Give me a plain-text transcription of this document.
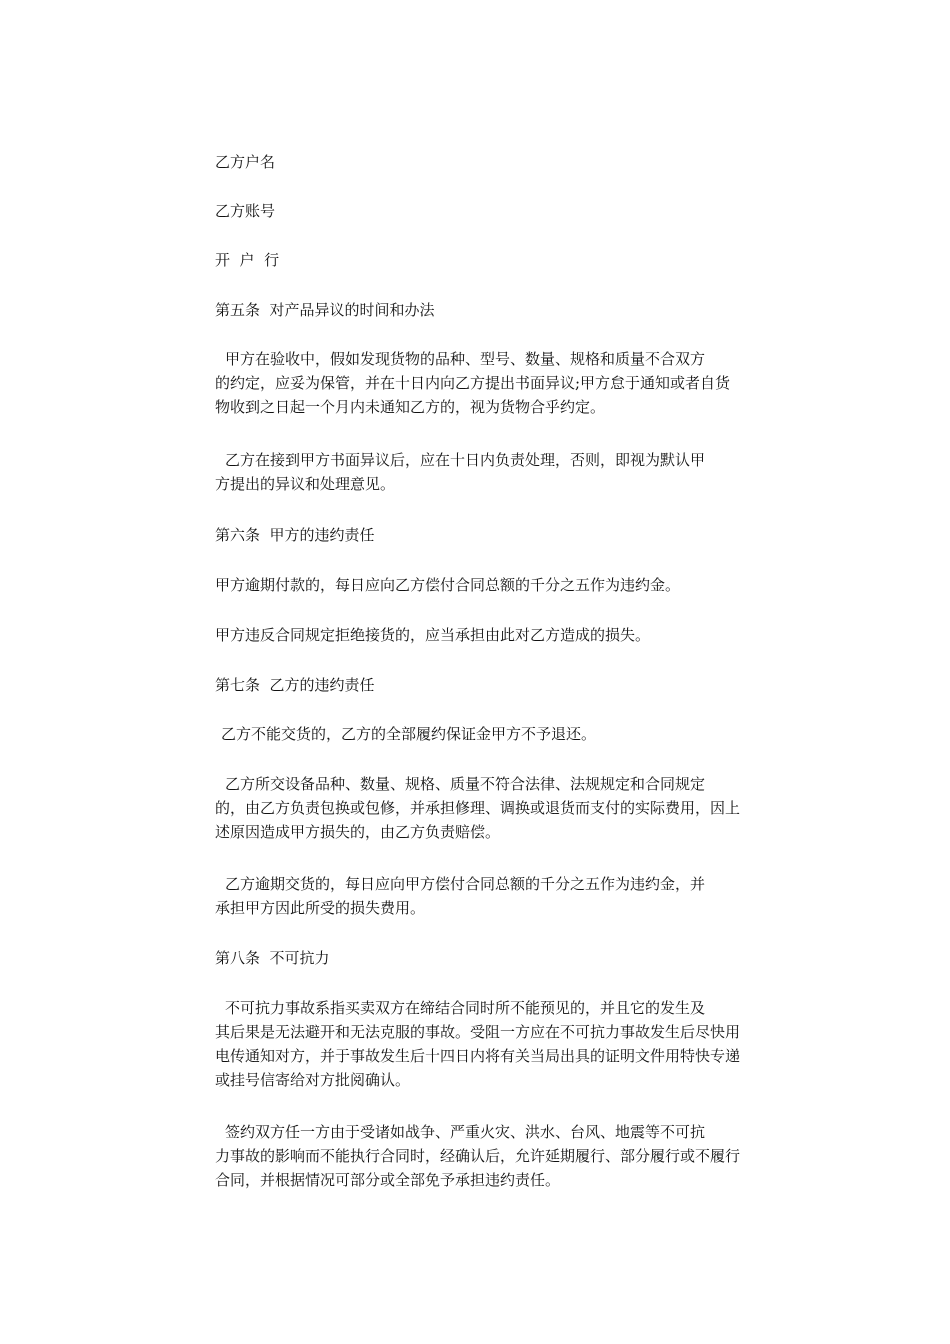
乙方户名

乙方账号

开  户  行

第五条  对产品异议的时间和办法

甲方在验收中，假如发现货物的品种、型号、数量、规格和质量不合双方
的约定，应妥为保管，并在十日内向乙方提出书面异议;甲方怠于通知或者自货
物收到之日起一个月内未通知乙方的，视为货物合乎约定。
乙方在接到甲方书面异议后，应在十日内负责处理，否则，即视为默认甲
方提出的异议和处理意见。

第六条  甲方的违约责任

甲方逾期付款的，每日应向乙方偿付合同总额的千分之五作为违约金。

甲方违反合同规定拒绝接货的，应当承担由此对乙方造成的损失。

第七条  乙方的违约责任

乙方不能交货的，乙方的全部履约保证金甲方不予退还。

乙方所交设备品种、数量、规格、质量不符合法律、法规规定和合同规定
的，由乙方负责包换或包修，并承担修理、调换或退货而支付的实际费用，因上
述原因造成甲方损失的，由乙方负责赔偿。
乙方逾期交货的，每日应向甲方偿付合同总额的千分之五作为违约金，并
承担甲方因此所受的损失费用。

第八条  不可抗力

不可抗力事故系指买卖双方在缔结合同时所不能预见的，并且它的发生及
其后果是无法避开和无法克服的事故。受阻一方应在不可抗力事故发生后尽快用
电传通知对方，并于事故发生后十四日内将有关当局出具的证明文件用特快专递
或挂号信寄给对方批阅确认。
签约双方任一方由于受诸如战争、严重火灾、洪水、台风、地震等不可抗
力事故的影响而不能执行合同时，经确认后，允许延期履行、部分履行或不履行
合同，并根据情况可部分或全部免予承担违约责任。
